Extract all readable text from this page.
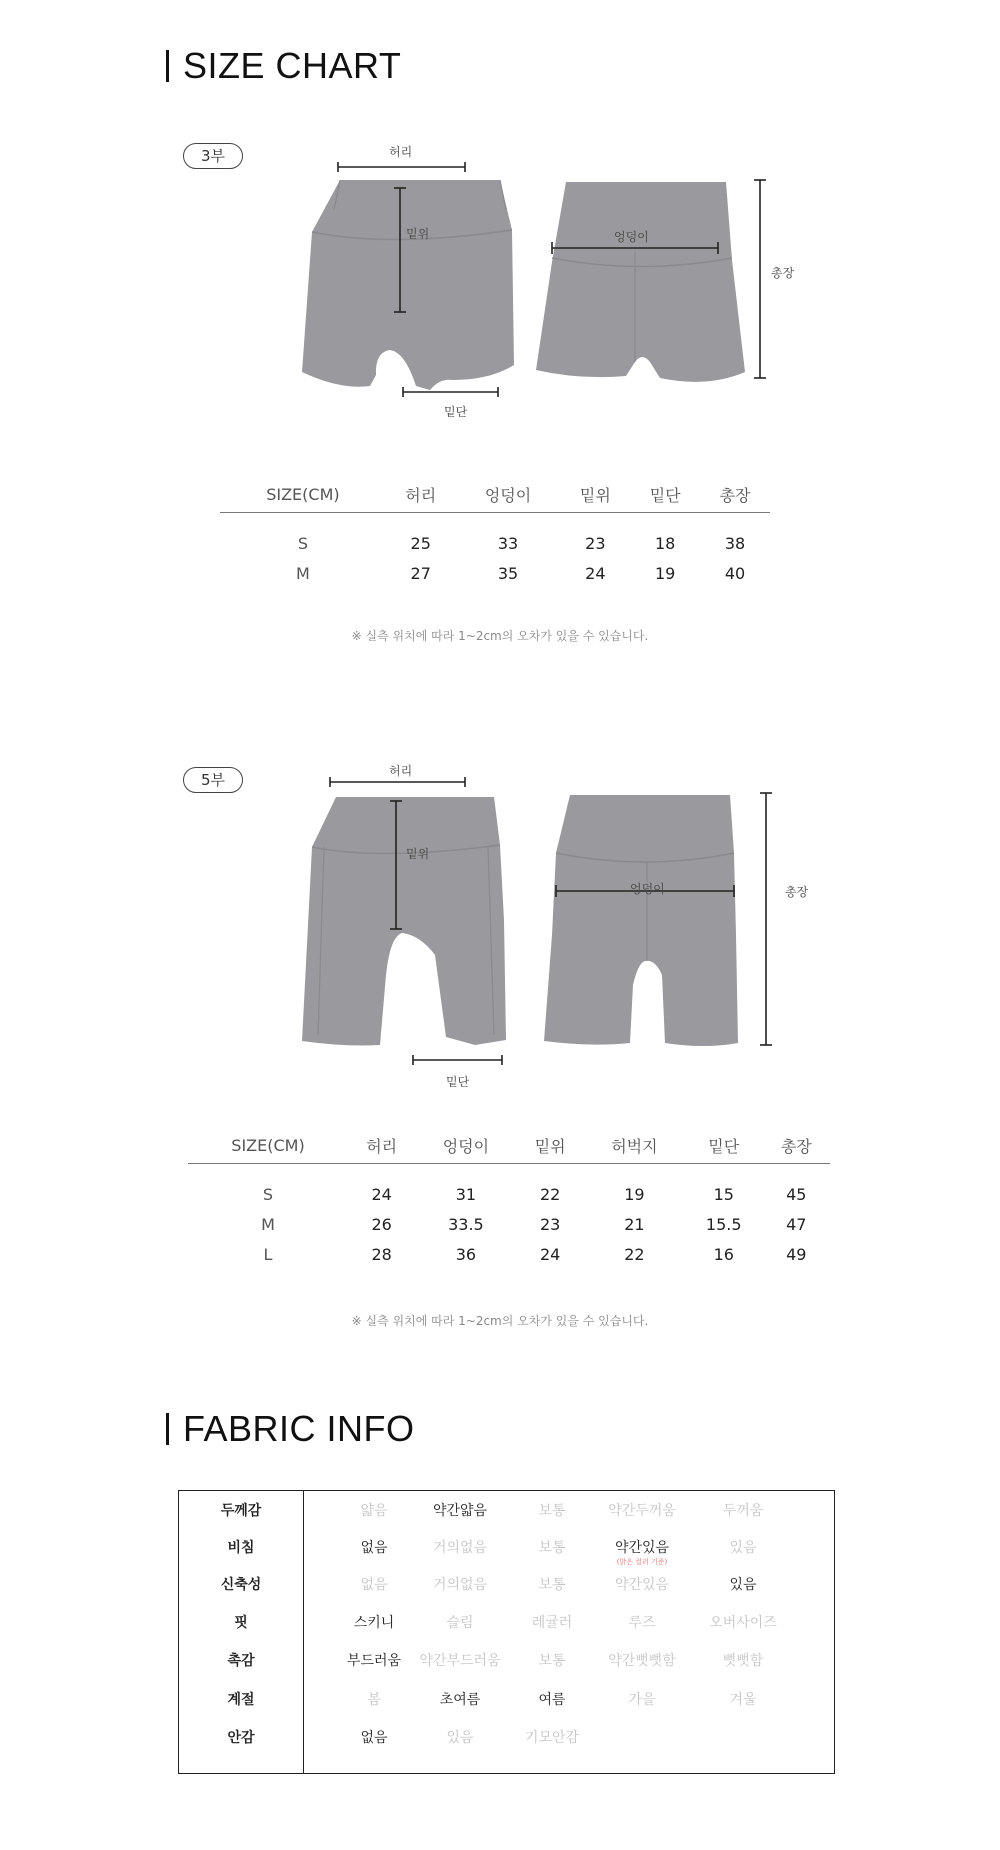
SIZE CHART
3부	허리
밑위	엉덩이
밑단
총장
SIZE(CM)	허리	엉덩이	밑위	밑단	총장
S	25	33	23	18	38
M	27	35	24	19	40
※ 실측 위치에 따라 1~2cm의 오차가 있을 수 있습니다.
5부	허리
밑위
엉덩이
밑단
총장
SIZE(CM)	허리	엉덩이	밑위	허벅지	밑단	총장
S	24	31	22	19	15	45
M	26	33.5	23	21	15.5	47
L	28	36	24	22	16	49
※ 실측 위치에 따라 1~2cm의 오차가 있을 수 있습니다.
FABRIC INFO
두께감	얇음	약간얇음	보통	약간두꺼움	두꺼움
비침	없음	거의없음	보통	약간있음	있음
(밝은 컬러 기준)
신축성	없음	거의없음	보통	약간있음	있음
핏	스키니	슬림	레귤러	루즈	오버사이즈
촉감	부드러움	약간부드러움	보통	약간뻣뻣함	뻣뻣함
계절	봄	초여름	여름	가을	겨울
안감	없음	있음	기모안감
